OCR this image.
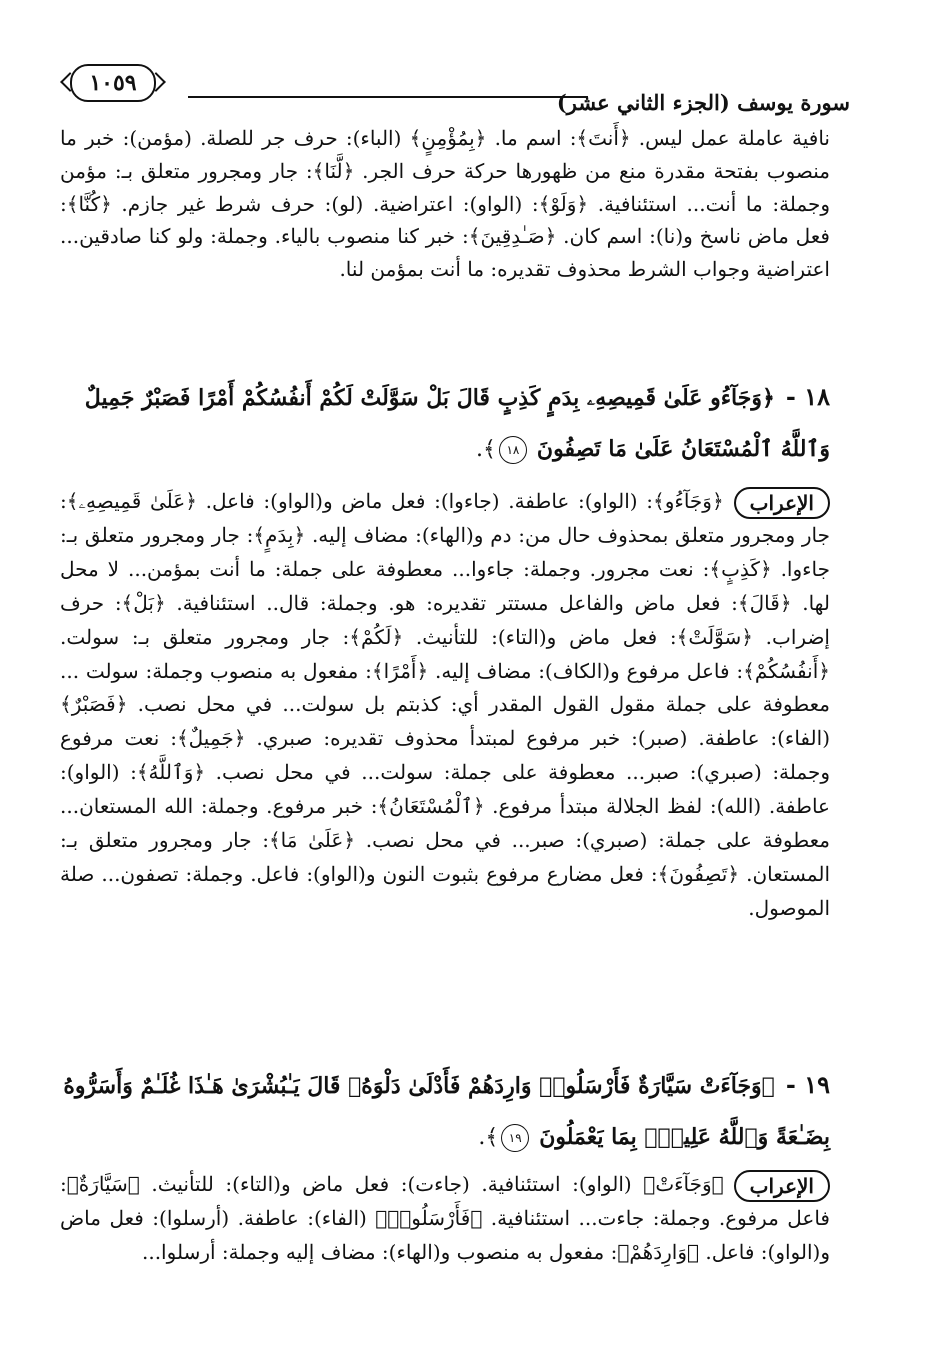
١٠٥٩
سورة يوسف (الجزء الثاني عشر)

نافية عاملة عمل ليس. ﴿أَنتَ﴾: اسم ما. ﴿بِمُؤْمِنٍ﴾ (الباء): حرف جر للصلة. (مؤمن): خبر ما منصوب بفتحة مقدرة منع من ظهورها حركة حرف الجر. ﴿لَّنَا﴾: جار ومجرور متعلق بـ: مؤمن وجملة: ما أنت... استئنافية. ﴿وَلَوْ﴾: (الواو): اعتراضية. (لو): حرف شرط غير جازم. ﴿كُنَّا﴾: فعل ماض ناسخ و(نا): اسم كان. ﴿صَـٰدِقِينَ﴾: خبر كنا منصوب بالياء. وجملة: ولو كنا صادقين... اعتراضية وجواب الشرط محذوف تقديره: ما أنت بمؤمن لنا.

١٨ - ﴿وَجَآءُو عَلَىٰ قَمِيصِهِۦ بِدَمٍ كَذِبٍ قَالَ بَلْ سَوَّلَتْ لَكُمْ أَنفُسُكُمْ أَمْرًا فَصَبْرٌ جَمِيلٌ وَٱللَّهُ ٱلْمُسْتَعَانُ عَلَىٰ مَا تَصِفُونَ ١٨﴾.
الإعراب﴿وَجَآءُو﴾: (الواو): عاطفة. (جاءوا): فعل ماض و(الواو): فاعل. ﴿عَلَىٰ قَمِيصِهِۦ﴾: جار ومجرور متعلق بمحذوف حال من: دم و(الهاء): مضاف إليه. ﴿بِدَمٍ﴾: جار ومجرور متعلق بـ: جاءوا. ﴿كَذِبٍ﴾: نعت مجرور. وجملة: جاءوا... معطوفة على جملة: ما أنت بمؤمن... لا محل لها. ﴿قَالَ﴾: فعل ماض والفاعل مستتر تقديره: هو. وجملة: قال.. استئنافية. ﴿بَلْ﴾: حرف إضراب. ﴿سَوَّلَتْ﴾: فعل ماض و(التاء): للتأنيث. ﴿لَكُمْ﴾: جار ومجرور متعلق بـ: سولت. ﴿أَنفُسُكُمْ﴾: فاعل مرفوع و(الكاف): مضاف إليه. ﴿أَمْرًا﴾: مفعول به منصوب وجملة: سولت ... معطوفة على جملة مقول القول المقدر أي: كذبتم بل سولت... في محل نصب. ﴿فَصَبْرٌ﴾ (الفاء): عاطفة. (صبر): خبر مرفوع لمبتدأ محذوف تقديره: صبري. ﴿جَمِيلٌ﴾: نعت مرفوع وجملة: (صبري): صبر... معطوفة على جملة: سولت... في محل نصب. ﴿وَٱللَّهُ﴾: (الواو): عاطفة. (الله): لفظ الجلالة مبتدأ مرفوع. ﴿ٱلْمُسْتَعَانُ﴾: خبر مرفوع. وجملة: الله المستعان... معطوفة على جملة: (صبري): صبر... في محل نصب. ﴿عَلَىٰ مَا﴾: جار ومجرور متعلق بـ: المستعان. ﴿تَصِفُونَ﴾: فعل مضارع مرفوع بثبوت النون و(الواو): فاعل. وجملة: تصفون... صلة الموصول.
١٩ - ﴿وَجَآءَتْ سَيَّارَةٌ فَأَرْسَلُوا۟ وَارِدَهُمْ فَأَدْلَىٰ دَلْوَهُۥ قَالَ يَـٰبُشْرَىٰ هَـٰذَا غُلَـٰمٌ وَأَسَرُّوهُ بِضَـٰعَةً وَٱللَّهُ عَلِيمٌۢ بِمَا يَعْمَلُونَ ١٩﴾.
الإعراب﴿وَجَآءَتْ﴾ (الواو): استئنافية. (جاءت): فعل ماض و(التاء): للتأنيث. ﴿سَيَّارَةٌ﴾: فاعل مرفوع. وجملة: جاءت... استئنافية. ﴿فَأَرْسَلُوا۟﴾ (الفاء): عاطفة. (أرسلوا): فعل ماض و(الواو): فاعل. ﴿وَارِدَهُمْ﴾: مفعول به منصوب و(الهاء): مضاف إليه وجملة: أرسلوا...
